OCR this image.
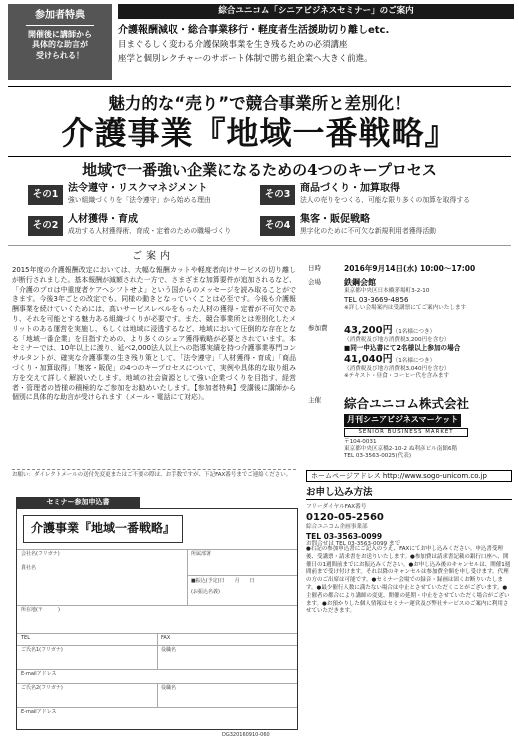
綜合ユニコム「シニアビジネスセミナー」のご案内
参加者特典
開催後に講師から
具体的な助言が
受けられる！
介護報酬減収・総合事業移行・軽度者生活援助切り離しetc.
目まぐるしく変わる介護保険事業を生き残るための必須講座
座学と個別レクチャーのサポート体制で勝ち組企業へ大きく前進。
魅力的な“売り”で競合事業所と差別化！
介護事業『地域一番戦略』
地域で一番強い企業になるための4つのキープロセス
その1
法令遵守・リスクマネジメント
強い組織づくりを「法令遵守」から始める理由	その3
商品づくり・加算取得
法人の売りをつくる、可能な限り多くの加算を取得する
その2
人材獲得・育成
成功する人材獲得術、育成・定着のための職場づくり	その4
集客・販促戦略
黒字化のために不可欠な新規利用者獲得活動
ご案内
2015年度の介護報酬改定においては、大幅な報酬カットや軽度者向けサービスの切り離しが断行されました。基本報酬が減額された一方で、さまざまな加算要件が追加されるなど、「介護のプロは中重度者ケアへシフトせよ」という国からのメッセージを読み取ることができます。今後3年ごとの改定でも、同様の動きとなっていくことは必至です。今後も介護報酬事業を続けていくためには、高いサービスレベルをもった人材の獲得・定着が不可欠であり、それを可能とする魅力ある組織づくりが必要です。また、競合事業所とは差別化したメリットのある運営を実施し、もしくは地域に浸透するなど、地域において圧倒的な存在となる「地域一番企業」を目指すための、より多くのシェア獲得戦略が必要とされています。本セミナーでは、10年以上に渡り、延べ2,000法人以上への指導実績を持つ介護事業専門コンサルタントが、確実な介護事業の生き残り策として、「法令遵守」「人材獲得・育成」「商品づくり・加算取得」「集客・販促」の4つのキープロセスについて、実例や具体的な取り組み方を交えて詳しく解説いたします。地域の社会資源として強い企業づくりを目指す、経営者・管理者の皆様の積極的なご参加をお勧めいたします。【参加者特典】受講後に講師から個別に具体的な助言が受けられます（メール・電話にて対応）。
お願い：ダイレクトメールの送付先変更またはご不要の際は、お手数ですが、下記FAX番号までご連絡ください。
日時	2016年9月14日(水) 10:00～17:00
会場	鉄鋼会館
東京都中央区日本橋茅場町3-2-10
TEL 03-3669-4856
※詳しい会場案内は受講票にてご案内いたします
参加費	43,200円（1名様につき）
（消費税及び地方消費税3,200円を含む）
■同一申込書にて2名様以上参加の場合
41,040円（1名様につき）
（消費税及び地方消費税3,040円を含む）
※テキスト・昼食・コーヒー代を含みます
主催	綜合ユニコム株式会社
月刊シニアビジネスマーケット
SENIOR BUSINESS MARKET
〒104-0031
東京都中央区京橋2-10-2 ぬ利彦ビル南館6階
TEL 03-3563-0025(代表)
ホームページアドレス http://www.sogo-unicom.co.jp
お申し込み方法
フリーダイヤルFAX番号
0120-05-2560
綜合ユニコム企画事業部
TEL 03-3563-0099
お問合せは TEL 03-3563-0099 まで
●右記の参加申込書にご記入のうえ、FAXにてお申し込みください。申込書受理後、受講票・請求書をお送りいたします。●参加費は請求書記載の銀行口座へ、開催日の1週間前までにお振込みください。●お申し込み後のキャンセルは、開催1週間前まで受け付けます。それ以降のキャンセルは参加費全額を申し受けます。代理の方のご出席は可能です。●セミナー会場での録音・録画は固くお断りいたします。●最少催行人数に満たない場合は中止とさせていただくことがございます。●主催者の都合により講師の変更、開催の延期・中止をさせていただく場合がございます。●お預かりした個人情報はセミナー運営及び弊社サービスのご案内に利用させていただきます。
セミナー参加申込書
介護事業『地域一番戦略』
会社名(フリガナ)	所属部署
貴社名
■振込(予定)日　　月　　日
(お振込名義)
所在地(〒　　　)
TEL	FAX
ご氏名1(フリガナ)	役職名
E-mailアドレス
ご氏名2(フリガナ)	役職名
E-mailアドレス
DG320160910-060
